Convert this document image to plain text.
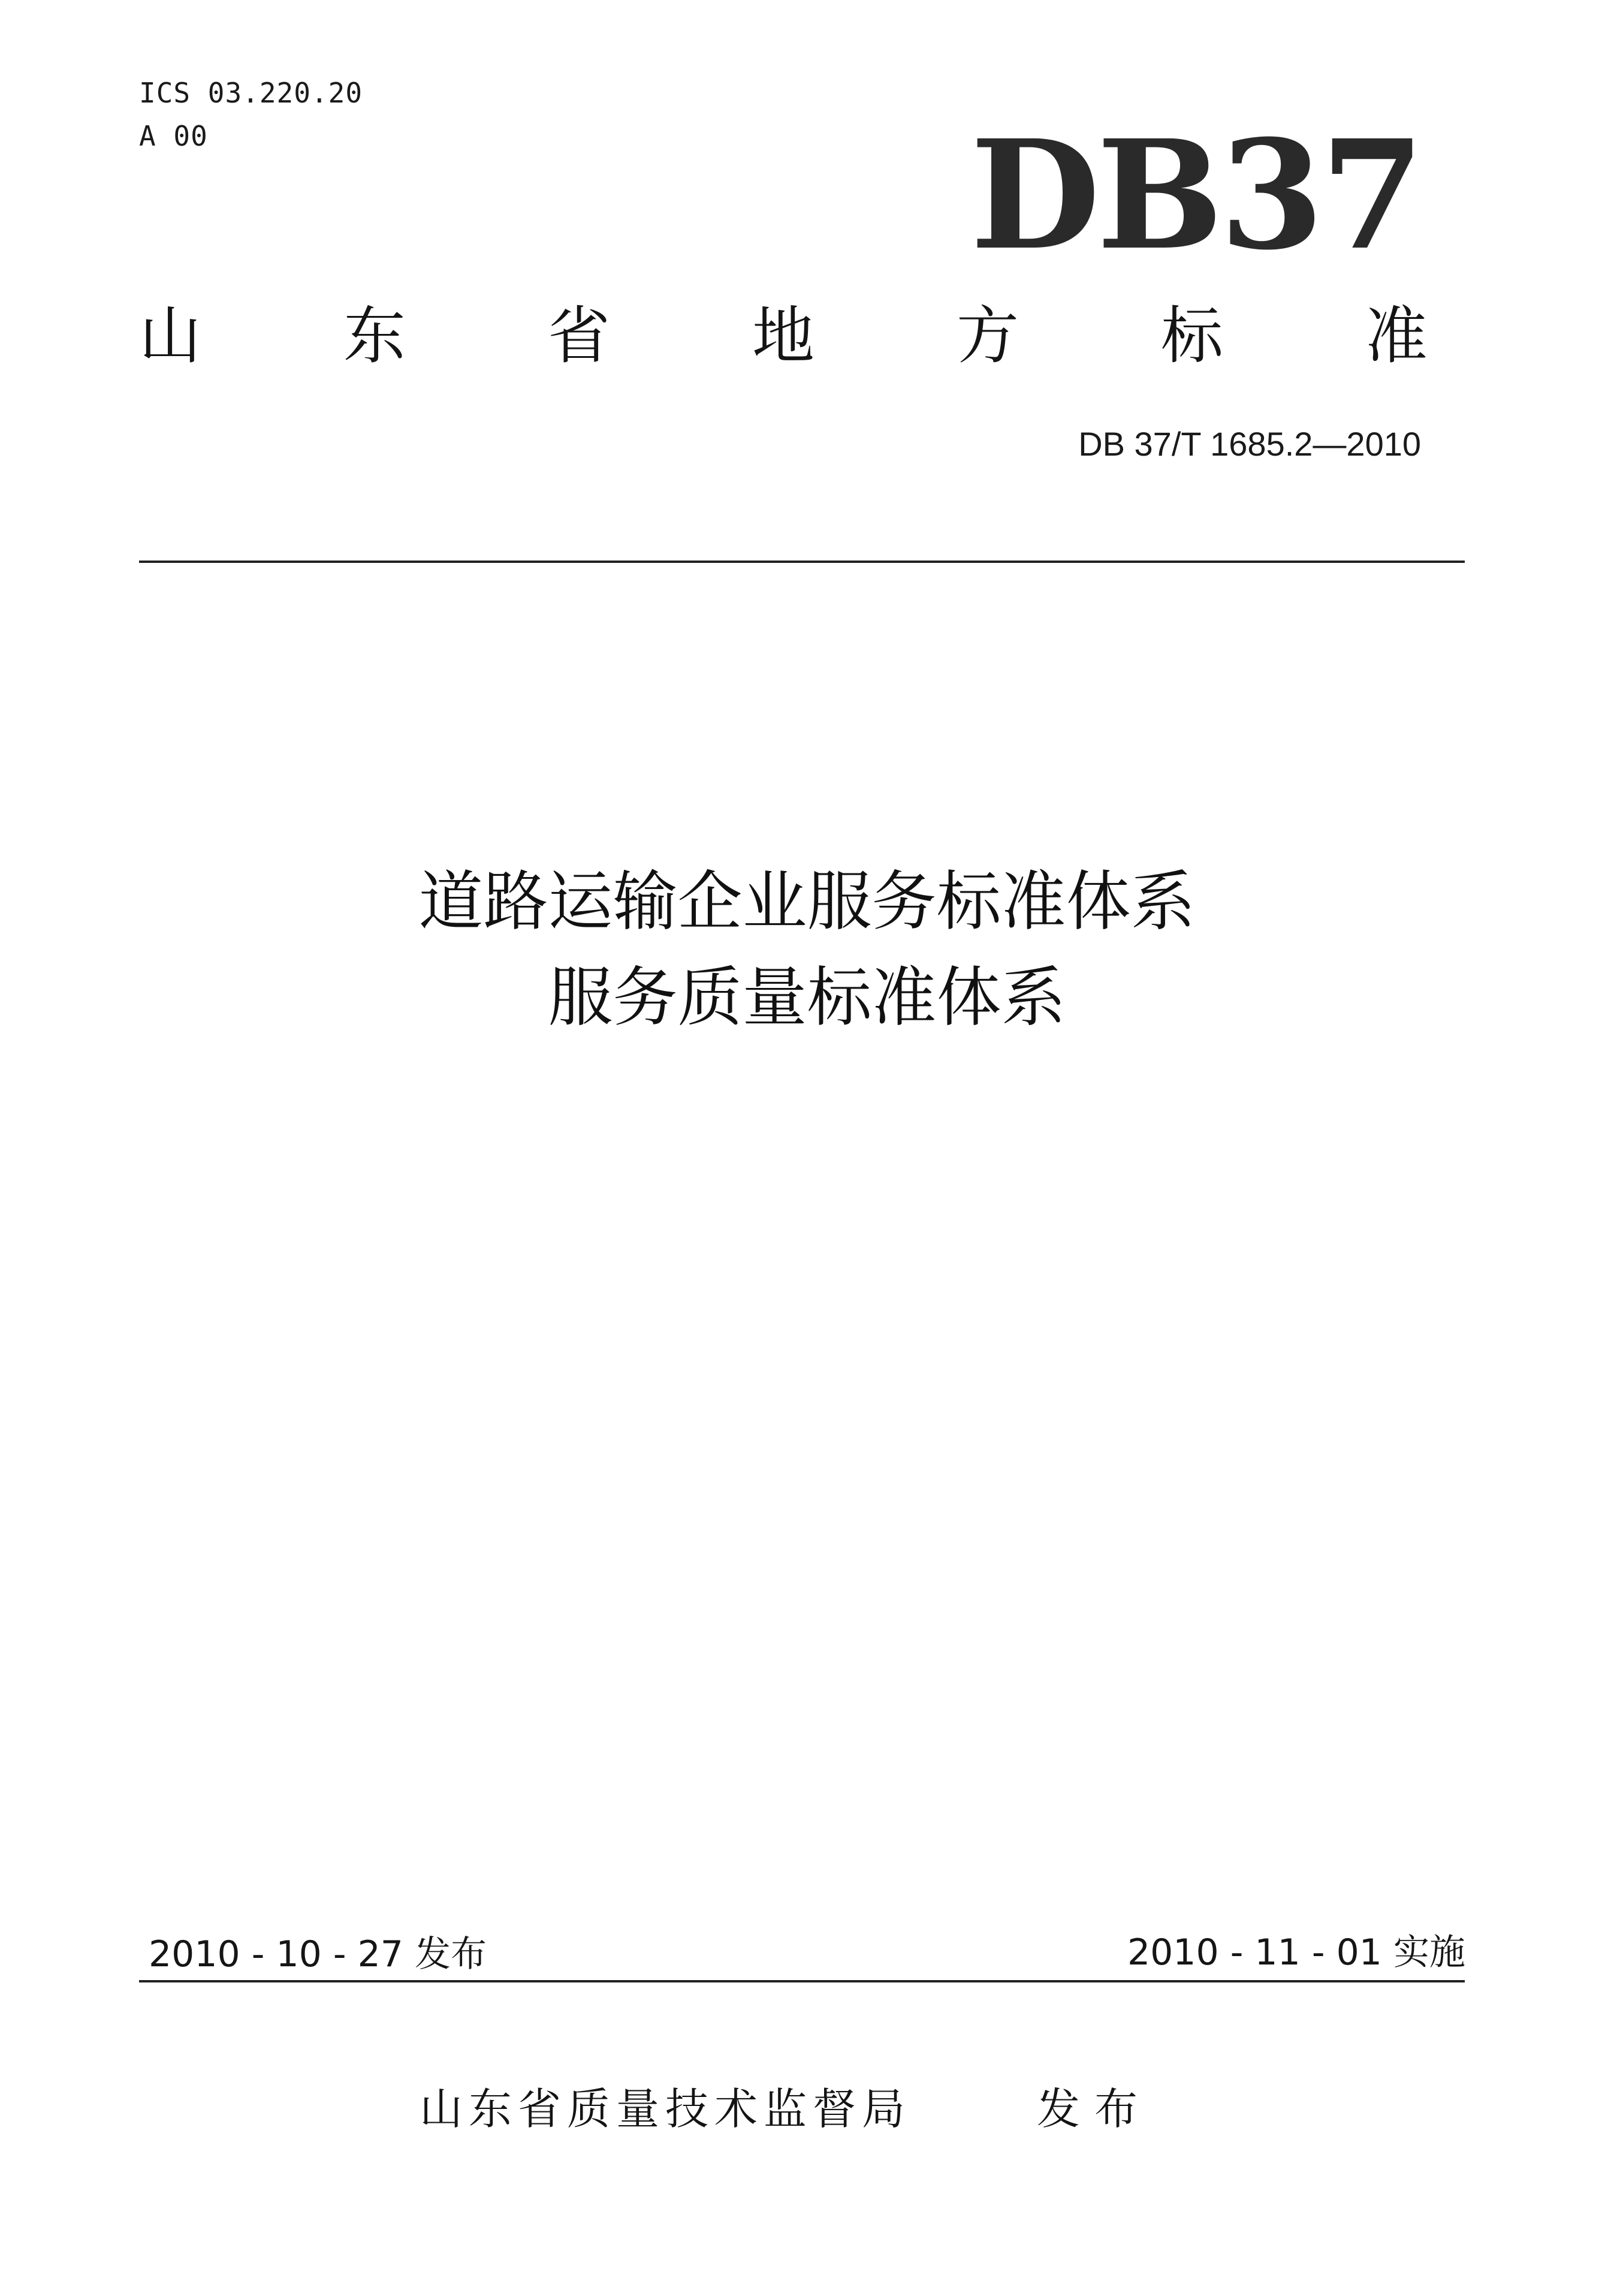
ICS 03.220.20
A 00	DB37
山 东 省 地 方 标 准
DB 37/T 1685.2—2010
道路运输企业服务标准体系
服务质量标准体系
2010 - 10 - 27 发布	2010 - 11 - 01 实施
山东省质量技术监督局	发布
